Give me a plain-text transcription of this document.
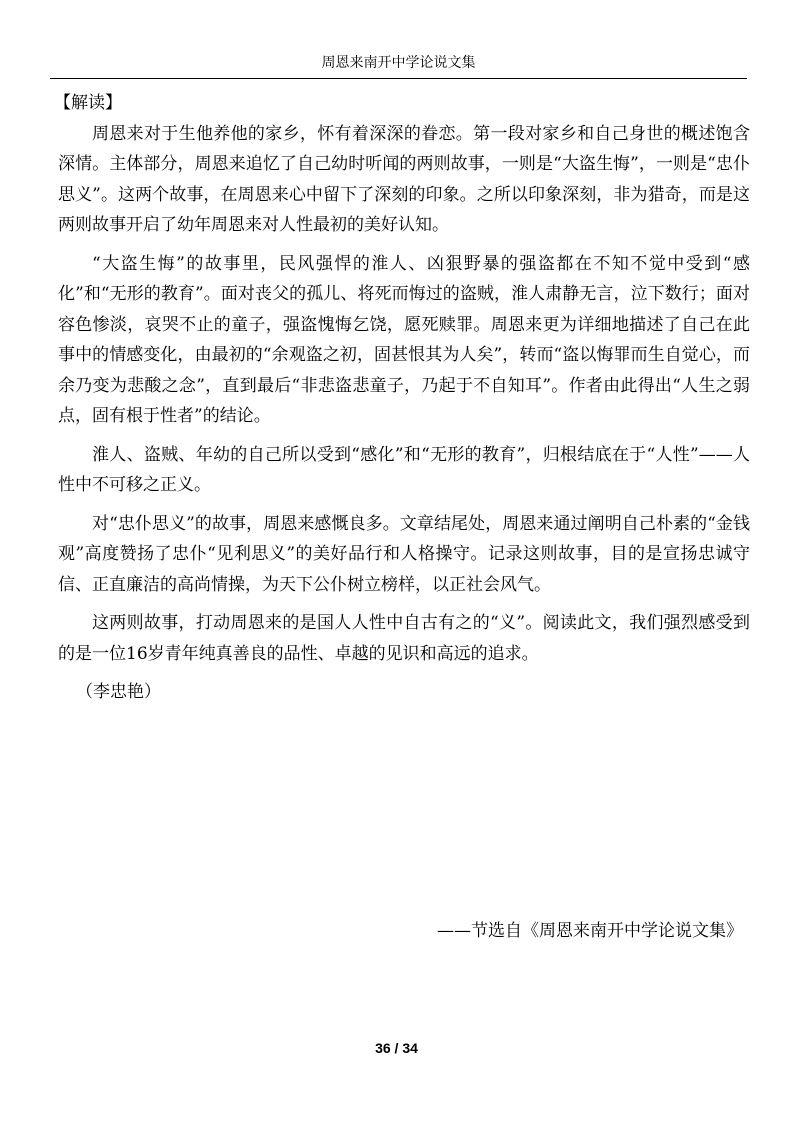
周恩来南开中学论说文集

【解读】

周恩来对于生他养他的家乡，怀有着深深的眷恋。第一段对家乡和自己身世的概述饱含深情。主体部分，周恩来追忆了自己幼时听闻的两则故事，一则是“大盗生悔”，一则是“忠仆思义”。这两个故事，在周恩来心中留下了深刻的印象。之所以印象深刻，非为猎奇，而是这两则故事开启了幼年周恩来对人性最初的美好认知。

“大盗生悔”的故事里，民风强悍的淮人、凶狠野暴的强盗都在不知不觉中受到“感化”和“无形的教育”。面对丧父的孤儿、将死而悔过的盗贼，淮人肃静无言，泣下数行；面对容色惨淡，哀哭不止的童子，强盗愧悔乞饶，愿死赎罪。周恩来更为详细地描述了自己在此事中的情感变化，由最初的“余观盗之初，固甚恨其为人矣”，转而“盗以悔罪而生自觉心，而余乃变为悲酸之念”，直到最后“非悲盗悲童子，乃起于不自知耳”。作者由此得出“人生之弱点，固有根于性者”的结论。

淮人、盗贼、年幼的自己所以受到“感化”和“无形的教育”，归根结底在于“人性”——人性中不可移之正义。

对“忠仆思义”的故事，周恩来感慨良多。文章结尾处，周恩来通过阐明自己朴素的“金钱观”高度赞扬了忠仆“见利思义”的美好品行和人格操守。记录这则故事，目的是宣扬忠诚守信、正直廉洁的高尚情操，为天下公仆树立榜样，以正社会风气。

这两则故事，打动周恩来的是国人人性中自古有之的“义”。阅读此文，我们强烈感受到的是一位16岁青年纯真善良的品性、卓越的见识和高远的追求。

（李忠艳）

——节选自《周恩来南开中学论说文集》
36 / 34
